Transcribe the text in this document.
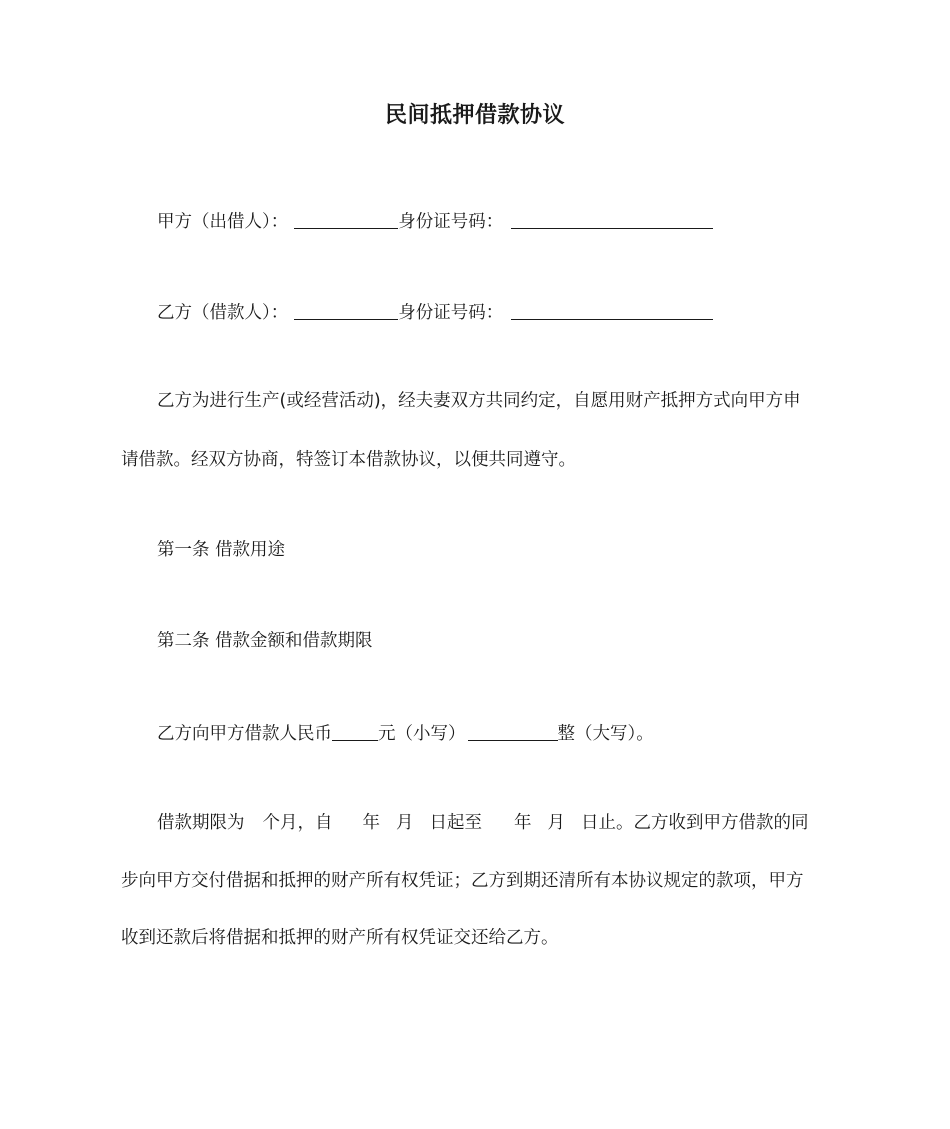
民间抵押借款协议
甲方（出借人）：	身份证号码：
乙方（借款人）：	身份证号码：
乙方为进行生产(或经营活动)，经夫妻双方共同约定，自愿用财产抵押方式向甲方申
请借款。经双方协商，特签订本借款协议，以便共同遵守。
第一条 借款用途
第二条 借款金额和借款期限
乙方向甲方借款人民币	元（小写）	整（大写）。
借款期限为 个月，自 年 月 日起至 年 月 日止。乙方收到甲方借款的同
步向甲方交付借据和抵押的财产所有权凭证；乙方到期还清所有本协议规定的款项，甲方
收到还款后将借据和抵押的财产所有权凭证交还给乙方。
